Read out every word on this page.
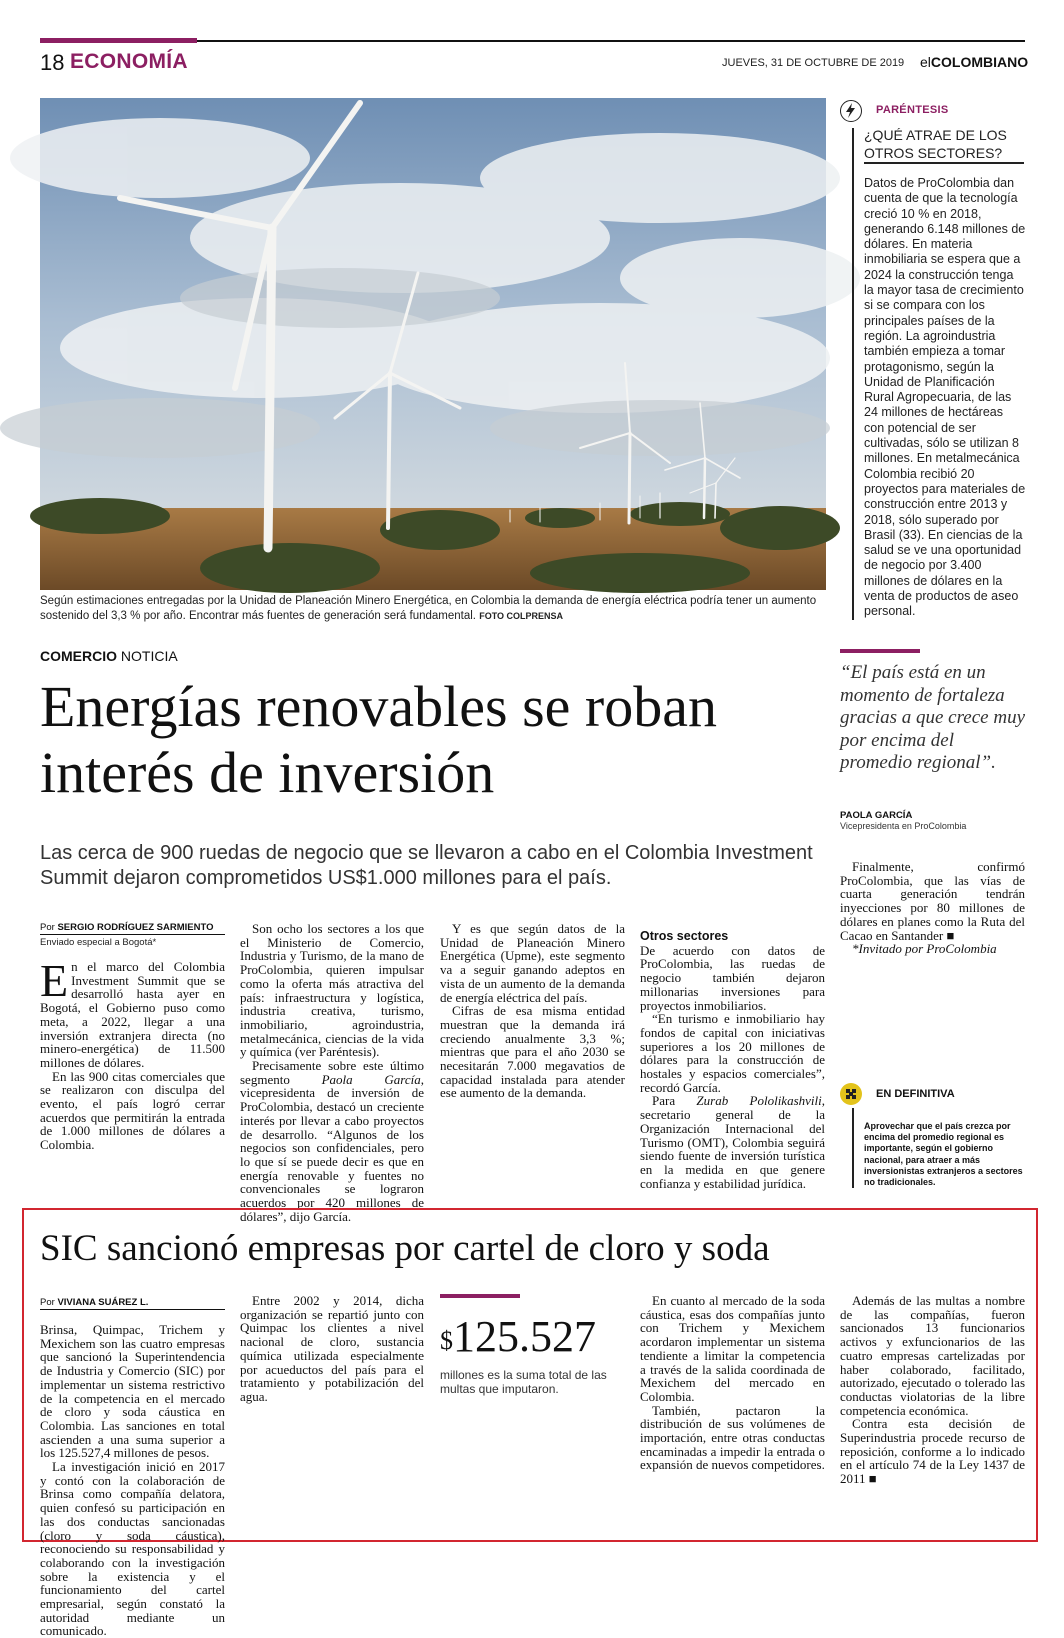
18 ECONOMÍA	JUEVES, 31 DE OCTUBRE DE 2019 elCOLOMBIANO
Según estimaciones entregadas por la Unidad de Planeación Minero Energética, en Colombia la demanda de energía eléctrica podría tener un aumento sostenido del 3,3 % por año. Encontrar más fuentes de generación será fundamental. FOTO COLPRENSA
PARÉNTESIS
¿QUÉ ATRAE DE LOS OTROS SECTORES?
Datos de ProColombia dan cuenta de que la tecnología creció 10 % en 2018, generando 6.148 millones de dólares. En materia inmobiliaria se espera que a 2024 la construcción tenga la mayor tasa de crecimiento si se compara con los principales países de la región. La agroindustria también empieza a tomar protagonismo, según la Unidad de Planificación Rural Agropecuaria, de las 24 millones de hectáreas con potencial de ser cultivadas, sólo se utilizan 8 millones. En metalmecánica Colombia recibió 20 proyectos para materiales de construcción entre 2013 y 2018, sólo superado por Brasil (33). En ciencias de la salud se ve una oportunidad de negocio por 3.400 millones de dólares en la venta de productos de aseo personal.
COMERCIO NOTICIA
Energías renovables se roban interés de inversión
Las cerca de 900 ruedas de negocio que se llevaron a cabo en el Colombia Investment Summit dejaron comprometidos US$1.000 millones para el país.
Por SERGIO RODRÍGUEZ SARMIENTO
Enviado especial a Bogotá*

En el marco del Colombia Investment Summit que se desarrolló hasta ayer en Bogotá, el Gobierno puso como meta, a 2022, llegar a una inversión extranjera directa (no minero-energética) de 11.500 millones de dólares.

En las 900 citas comerciales que se realizaron con disculpa del evento, el país logró cerrar acuerdos que permitirán la entrada de 1.000 millones de dólares a Colombia.

Son ocho los sectores a los que el Ministerio de Comercio, Industria y Turismo, de la mano de ProColombia, quieren impulsar como la oferta más atractiva del país: infraestructura y logística, industria creativa, turismo, inmobiliario, agroindustria, metalmecánica, ciencias de la vida y química (ver Paréntesis).

Precisamente sobre este último segmento Paola García, vicepresidenta de inversión de ProColombia, destacó un creciente interés por llevar a cabo proyectos de desarrollo. “Algunos de los negocios son confidenciales, pero lo que sí se puede decir es que en energía renovable y fuentes no convencionales se lograron acuerdos por 420 millones de dólares”, dijo García.

Y es que según datos de la Unidad de Planeación Minero Energética (Upme), este segmento va a seguir ganando adeptos en vista de un aumento de la demanda de energía eléctrica del país.

Cifras de esa misma entidad muestran que la demanda irá creciendo anualmente 3,3 %; mientras que para el año 2030 se necesitarán 7.000 megavatios de capacidad instalada para atender ese aumento de la demanda.

Otros sectores

De acuerdo con datos de ProColombia, las ruedas de negocio también dejaron millonarias inversiones para proyectos inmobiliarios.

“En turismo e inmobiliario hay fondos de capital con iniciativas superiores a los 20 millones de dólares para la construcción de hostales y espacios comerciales”, recordó García.

Para Zurab Pololikashvili, secretario general de la Organización Internacional del Turismo (OMT), Colombia seguirá siendo fuente de inversión turística en la medida en que genere confianza y estabilidad jurídica.

Finalmente, confirmó ProColombia, que las vías de cuarta generación tendrán inyecciones por 80 millones de dólares en planes como la Ruta del Cacao en Santander ■

*Invitado por ProColombia

“El país está en un momento de fortaleza gracias a que crece muy por encima del promedio regional”.
PAOLA GARCÍA
Vicepresidenta en ProColombia
EN DEFINITIVA
Aprovechar que el país crezca por encima del promedio regional es importante, según el gobierno nacional, para atraer a más inversionistas extranjeros a sectores no tradicionales.
SIC sancionó empresas por cartel de cloro y soda
Por VIVIANA SUÁREZ L.

Brinsa, Quimpac, Trichem y Mexichem son las cuatro empresas que sancionó la Superintendencia de Industria y Comercio (SIC) por implementar un sistema restrictivo de la competencia en el mercado de cloro y soda cáustica en Colombia. Las sanciones en total ascienden a una suma superior a los 125.527,4 millones de pesos.

La investigación inició en 2017 y contó con la colaboración de Brinsa como compañía delatora, quien confesó su participación en las dos conductas sancionadas (cloro y soda cáustica), reconociendo su responsabilidad y colaborando con la investigación sobre la existencia y el funcionamiento del cartel empresarial, según constató la autoridad mediante un comunicado.

Entre 2002 y 2014, dicha organización se repartió junto con Quimpac los clientes a nivel nacional de cloro, sustancia química utilizada especialmente por acueductos del país para el tratamiento y potabilización del agua.

$125.527
millones es la suma total de las multas que imputaron.

En cuanto al mercado de la soda cáustica, esas dos compañías junto con Trichem y Mexichem acordaron implementar un sistema tendiente a limitar la competencia a través de la salida coordinada de Mexichem del mercado en Colombia.

También, pactaron la distribución de sus volúmenes de importación, entre otras conductas encaminadas a impedir la entrada o expansión de nuevos competidores.

Además de las multas a nombre de las compañías, fueron sancionados 13 funcionarios activos y exfuncionarios de las cuatro empresas cartelizadas por haber colaborado, facilitado, autorizado, ejecutado o tolerado las conductas violatorias de la libre competencia económica.

Contra esta decisión de Superindustria procede recurso de reposición, conforme a lo indicado en el artículo 74 de la Ley 1437 de 2011 ■
